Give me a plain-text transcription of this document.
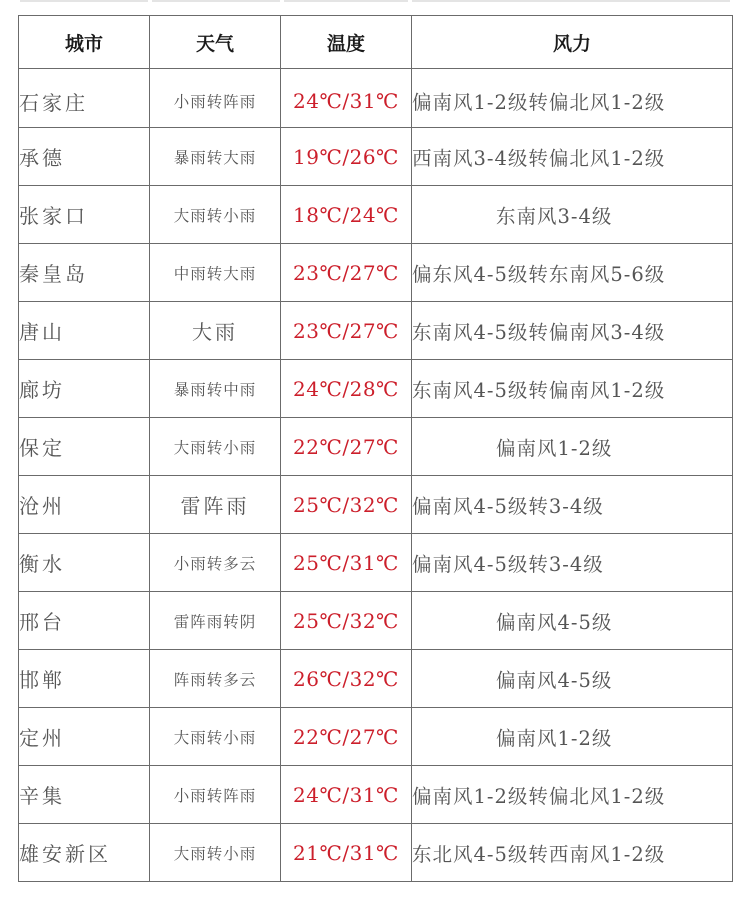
城市	天气	温度	风力
石家庄	小雨转阵雨	24℃/31℃	偏南风1-2级转偏北风1-2级
承德	暴雨转大雨	19℃/26℃	西南风3-4级转偏北风1-2级
张家口	大雨转小雨	18℃/24℃	东南风3-4级
秦皇岛	中雨转大雨	23℃/27℃	偏东风4-5级转东南风5-6级
唐山	大雨	23℃/27℃	东南风4-5级转偏南风3-4级
廊坊	暴雨转中雨	24℃/28℃	东南风4-5级转偏南风1-2级
保定	大雨转小雨	22℃/27℃	偏南风1-2级
沧州	雷阵雨	25℃/32℃	偏南风4-5级转3-4级
衡水	小雨转多云	25℃/31℃	偏南风4-5级转3-4级
邢台	雷阵雨转阴	25℃/32℃	偏南风4-5级
邯郸	阵雨转多云	26℃/32℃	偏南风4-5级
定州	大雨转小雨	22℃/27℃	偏南风1-2级
辛集	小雨转阵雨	24℃/31℃	偏南风1-2级转偏北风1-2级
雄安新区	大雨转小雨	21℃/31℃	东北风4-5级转西南风1-2级
